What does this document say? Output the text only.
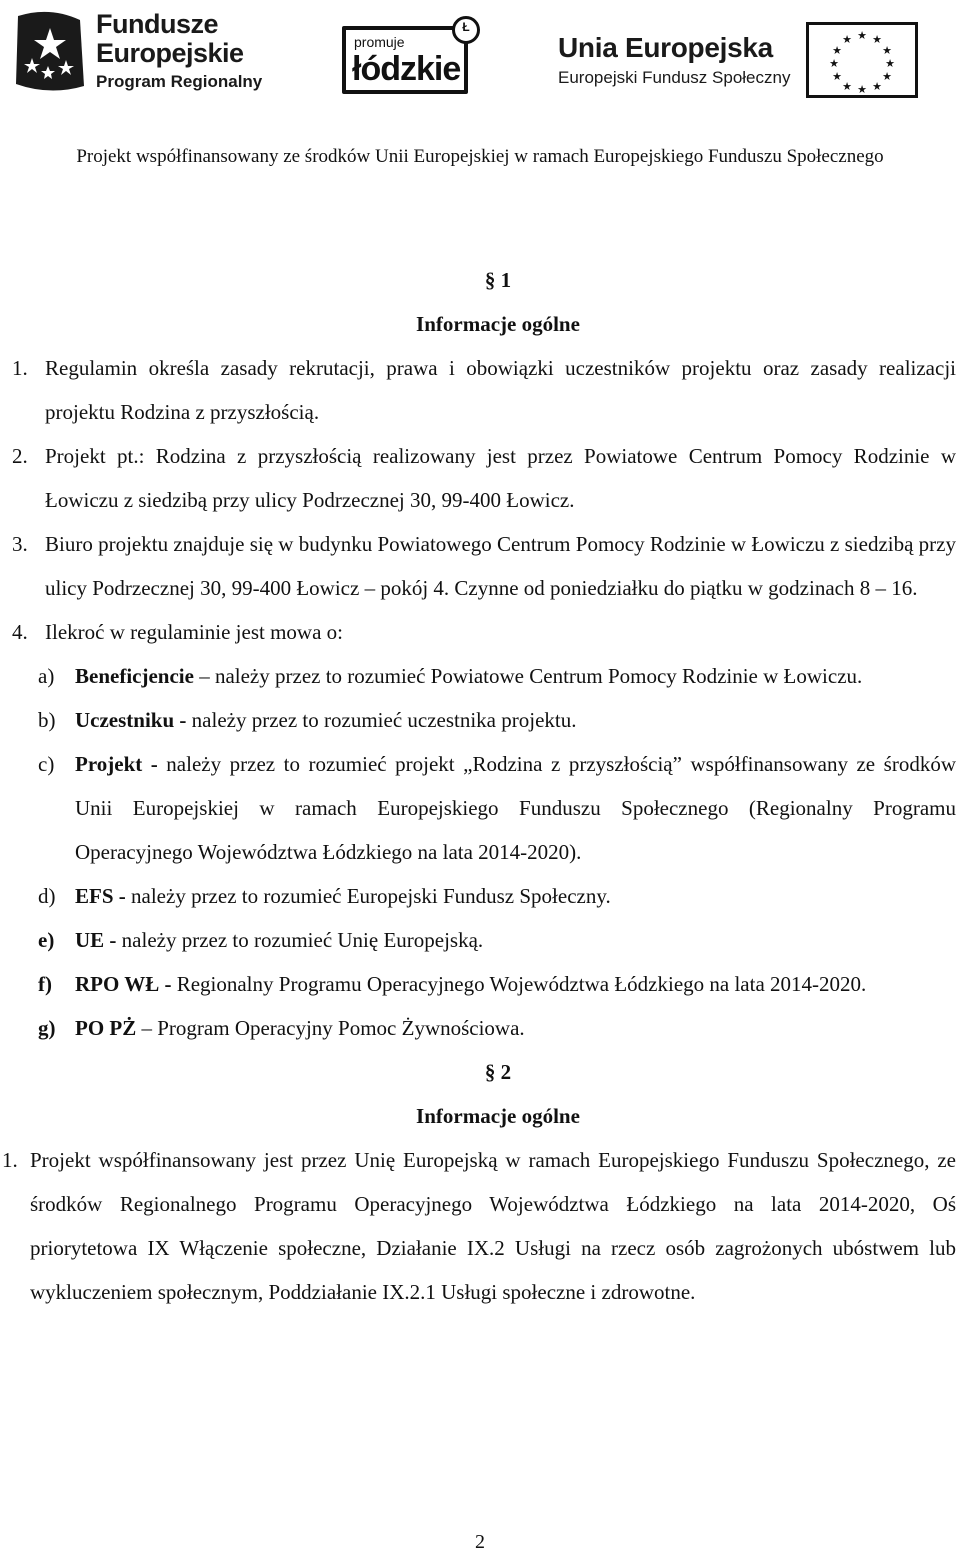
Fundusze
Europejskie
Program Regionalny
Ł
promuje
łódzkie
Unia Europejska
Europejski Fundusz Społeczny
★ ★
★
★
★
★
★
★
★
★
★
★
Projekt współfinansowany ze środków Unii Europejskiej w ramach Europejskiego Funduszu Społecznego
§ 1
Informacje ogólne
1. Regulamin określa zasady rekrutacji, prawa i obowiązki uczestników projektu oraz zasady realizacji projektu Rodzina z przyszłością.
2. Projekt pt.: Rodzina z przyszłością realizowany jest przez Powiatowe Centrum Pomocy Rodzinie w Łowiczu z siedzibą przy ulicy Podrzecznej 30, 99-400 Łowicz.
3. Biuro projektu znajduje się w budynku Powiatowego Centrum Pomocy Rodzinie w Łowiczu z siedzibą przy ulicy Podrzecznej 30, 99-400 Łowicz – pokój 4. Czynne od poniedziałku do piątku w godzinach 8 – 16.
4. Ilekroć w regulaminie jest mowa o:
a) Beneficjencie – należy przez to rozumieć Powiatowe Centrum Pomocy Rodzinie w Łowiczu.
b) Uczestniku - należy przez to rozumieć uczestnika projektu.
c) Projekt - należy przez to rozumieć projekt „Rodzina z przyszłością” współfinansowany ze środków Unii Europejskiej w ramach Europejskiego Funduszu Społecznego (Regionalny Programu Operacyjnego Województwa Łódzkiego na lata 2014-2020).
d) EFS - należy przez to rozumieć Europejski Fundusz Społeczny.
e) UE - należy przez to rozumieć Unię Europejską.
f) RPO WŁ - Regionalny Programu Operacyjnego Województwa Łódzkiego na lata 2014-2020.
g) PO PŻ – Program Operacyjny Pomoc Żywnościowa.
§ 2
Informacje ogólne
1. Projekt współfinansowany jest przez Unię Europejską w ramach Europejskiego Funduszu Społecznego, ze środków Regionalnego Programu Operacyjnego Województwa Łódzkiego na lata 2014-2020, Oś priorytetowa IX Włączenie społeczne, Działanie IX.2 Usługi na rzecz osób zagrożonych ubóstwem lub wykluczeniem społecznym, Poddziałanie IX.2.1 Usługi społeczne i zdrowotne.
2
